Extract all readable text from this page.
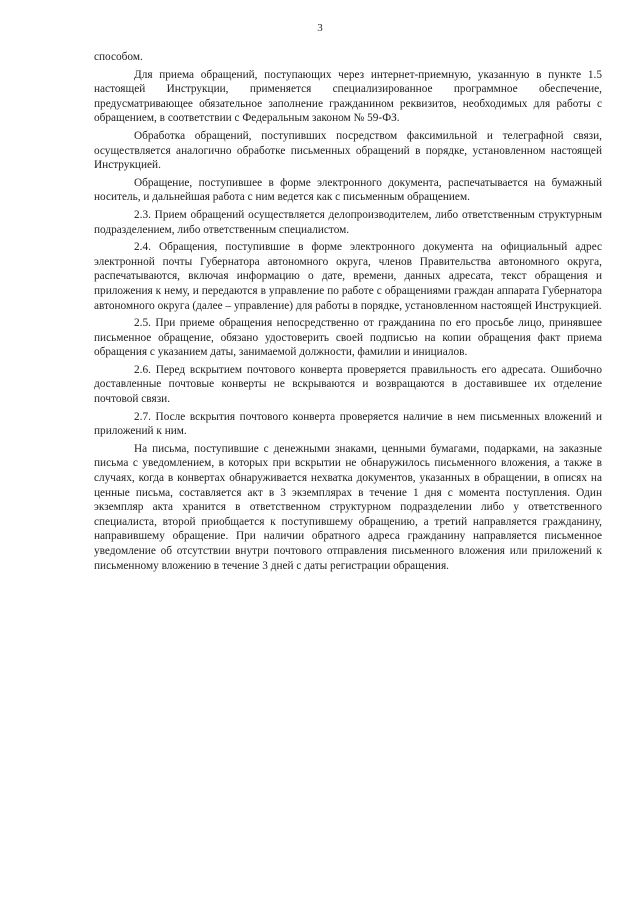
3

способом.

Для приема обращений, поступающих через интернет-приемную, указанную в пункте 1.5 настоящей Инструкции, применяется специализированное программное обеспечение, предусматривающее обязательное заполнение гражданином реквизитов, необходимых для работы с обращением, в соответствии с Федеральным законом № 59-ФЗ.

Обработка обращений, поступивших посредством факсимильной и телеграфной связи, осуществляется аналогично обработке письменных обращений в порядке, установленном настоящей Инструкцией.

Обращение, поступившее в форме электронного документа, распечатывается на бумажный носитель, и дальнейшая работа с ним ведется как с письменным обращением.

2.3. Прием обращений осуществляется делопроизводителем, либо ответственным структурным подразделением, либо ответственным специалистом.

2.4. Обращения, поступившие в форме электронного документа на официальный адрес электронной почты Губернатора автономного округа, членов Правительства автономного округа, распечатываются, включая информацию о дате, времени, данных адресата, текст обращения и приложения к нему, и передаются в управление по работе с обращениями граждан аппарата Губернатора автономного округа (далее – управление) для работы в порядке, установленном настоящей Инструкцией.

2.5. При приеме обращения непосредственно от гражданина по его просьбе лицо, принявшее письменное обращение, обязано удостоверить своей подписью на копии обращения факт приема обращения с указанием даты, занимаемой должности, фамилии и инициалов.

2.6. Перед вскрытием почтового конверта проверяется правильность его адресата. Ошибочно доставленные почтовые конверты не вскрываются и возвращаются в доставившее их отделение почтовой связи.

2.7. После вскрытия почтового конверта проверяется наличие в нем письменных вложений и приложений к ним.

На письма, поступившие с денежными знаками, ценными бумагами, подарками, на заказные письма с уведомлением, в которых при вскрытии не обнаружилось письменного вложения, а также в случаях, когда в конвертах обнаруживается нехватка документов, указанных в обращении, в описях на ценные письма, составляется акт в 3 экземплярах в течение 1 дня с момента поступления. Один экземпляр акта хранится в ответственном структурном подразделении либо у ответственного специалиста, второй приобщается к поступившему обращению, а третий направляется гражданину, направившему обращение. При наличии обратного адреса гражданину направляется письменное уведомление об отсутствии внутри почтового отправления письменного вложения или приложений к письменному вложению в течение 3 дней с даты регистрации обращения.
